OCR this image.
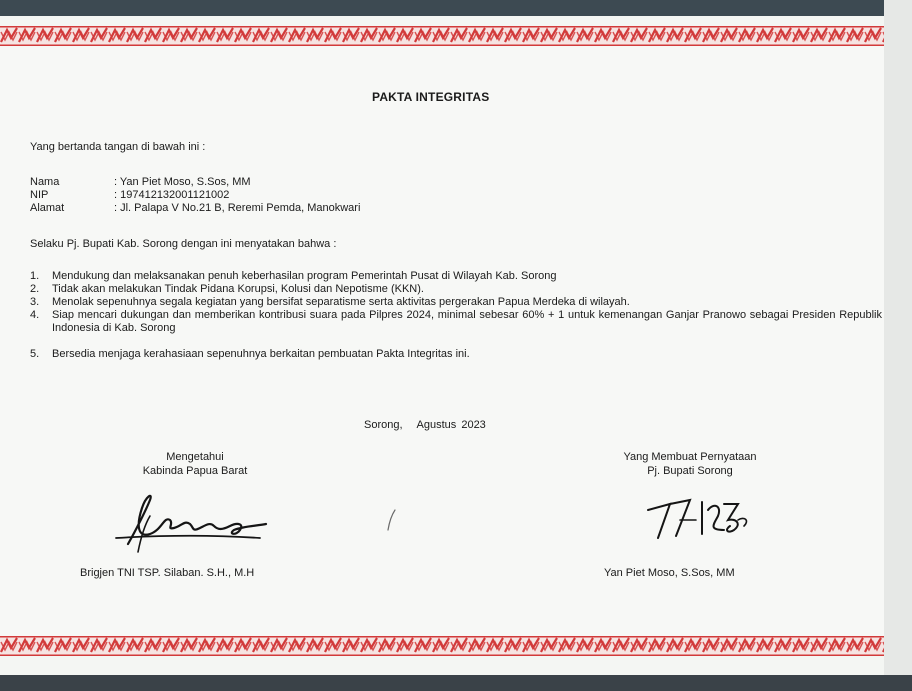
PAKTA INTEGRITAS
Yang bertanda tangan di bawah ini :
Nama	: Yan Piet Moso, S.Sos, MM
NIP	: 197412132001121002
Alamat	: Jl. Palapa V No.21 B, Reremi Pemda, Manokwari
Selaku Pj. Bupati Kab. Sorong dengan ini menyatakan bahwa :
1. Mendukung dan melaksanakan penuh keberhasilan program Pemerintah Pusat di Wilayah Kab. Sorong
2. Tidak akan melakukan Tindak Pidana Korupsi, Kolusi dan Nepotisme (KKN).
3. Menolak sepenuhnya segala kegiatan yang bersifat separatisme serta aktivitas pergerakan Papua Merdeka di wilayah.
4. Siap mencari dukungan dan memberikan kontribusi suara pada Pilpres 2024, minimal sebesar 60% + 1 untuk kemenangan Ganjar Pranowo sebagai Presiden Republik Indonesia di Kab. Sorong
5. Bersedia menjaga kerahasiaan sepenuhnya berkaitan pembuatan Pakta Integritas ini.
Sorong, Agustus 2023
Mengetahui
Kabinda Papua Barat
Brigjen TNI TSP. Silaban. S.H., M.H
Yang Membuat Pernyataan
Pj. Bupati Sorong
Yan Piet Moso, S.Sos, MM
